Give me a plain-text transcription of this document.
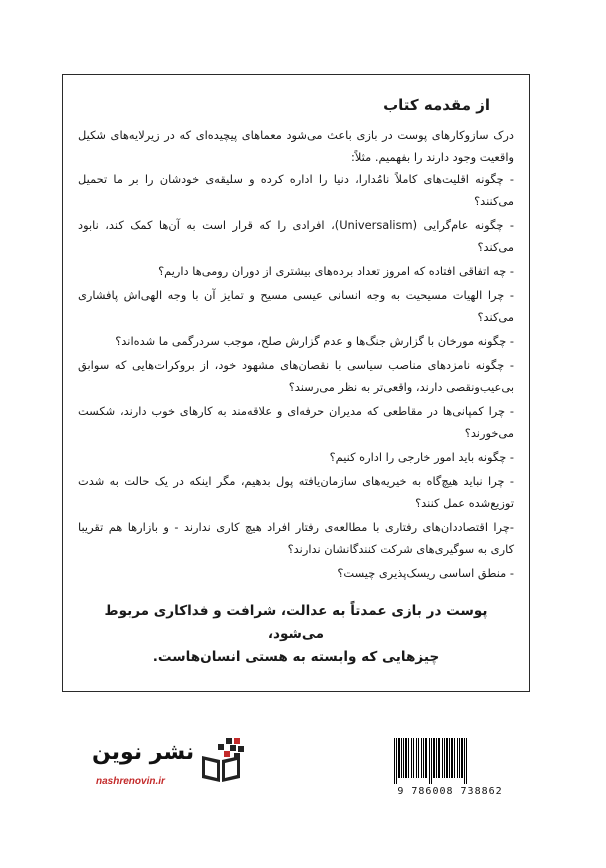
از مقدمه کتاب

درک سازوکارهای پوست در بازی باعث می‌شود معماهای پیچیده‌ای که در زیرلایه‌های شکیل واقعیت وجود دارند را بفهمیم. مثلاً:

- چگونه اقلیت‌های کاملاً نامُدارا، دنیا را اداره کرده و سلیقه‌ی خودشان را بر ما تحمیل می‌کنند؟
- چگونه عام‌گرایی (Universalism)، افرادی را که قرار است به آن‌ها کمک کند، نابود می‌کند؟
- چه اتفاقی افتاده که امروز تعداد برده‌های بیشتری از دوران رومی‌ها داریم؟
- چرا الهیات مسیحیت به وجه انسانی عیسی مسیح و تمایز آن با وجه الهی‌اش پافشاری می‌کند؟
- چگونه مورخان با گزارش جنگ‌ها و عدم گزارش صلح، موجب سردرگمی ما شده‌اند؟
- چگونه نامزدهای مناصب سیاسی با نقصان‌های مشهود خود، از بروکرات‌هایی که سوابق بی‌عیب‌ونقصی دارند، واقعی‌تر به نظر می‌رسند؟
- چرا کمپانی‌ها در مقاطعی که مدیران حرفه‌ای و علاقه‌مند به کارهای خوب دارند، شکست می‌خورند؟
- چگونه باید امور خارجی را اداره کنیم؟
- چرا نباید هیچ‌گاه به خیریه‌های سازمان‌یافته پول بدهیم، مگر اینکه در یک حالت به شدت توزیع‌شده عمل کنند؟
-چرا اقتصاددان‌های رفتاری با مطالعه‌ی رفتار افراد هیچ کاری ندارند - و بازارها هم تقریبا کاری به سوگیری‌های شرکت کنندگانشان ندارند؟
- منطق اساسی ریسک‌پذیری چیست؟
پوست در بازی عمدتاً به عدالت، شرافت و فداکاری مربوط می‌شود،
چیزهایی که وابسته به هستی انسان‌هاست.
نشر نوین
nashrenovin.ir
9 786008 738862
